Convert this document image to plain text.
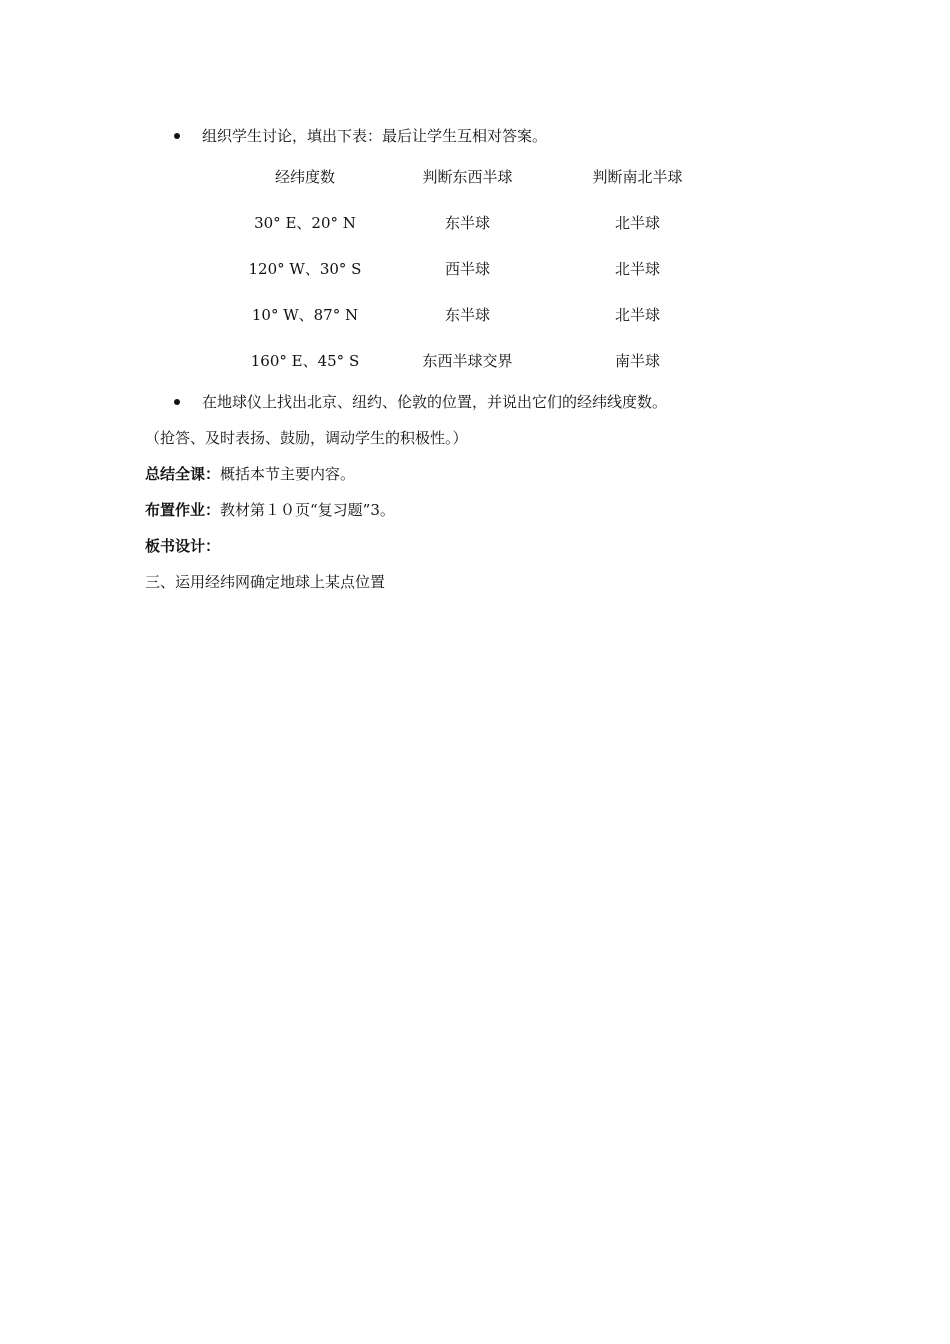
组织学生讨论，填出下表：最后让学生互相对答案。
经纬度数	判断东西半球	判断南北半球
30° E、20° N	东半球	北半球
120° W、30° S	西半球	北半球
10° W、87° N	东半球	北半球
160° E、45° S	东西半球交界	南半球
在地球仪上找出北京、纽约、伦敦的位置，并说出它们的经纬线度数。
（抢答、及时表扬、鼓励，调动学生的积极性。）
总结全课：概括本节主要内容。
布置作业：教材第１０页“复习题”3。
板书设计：
三、运用经纬网确定地球上某点位置
